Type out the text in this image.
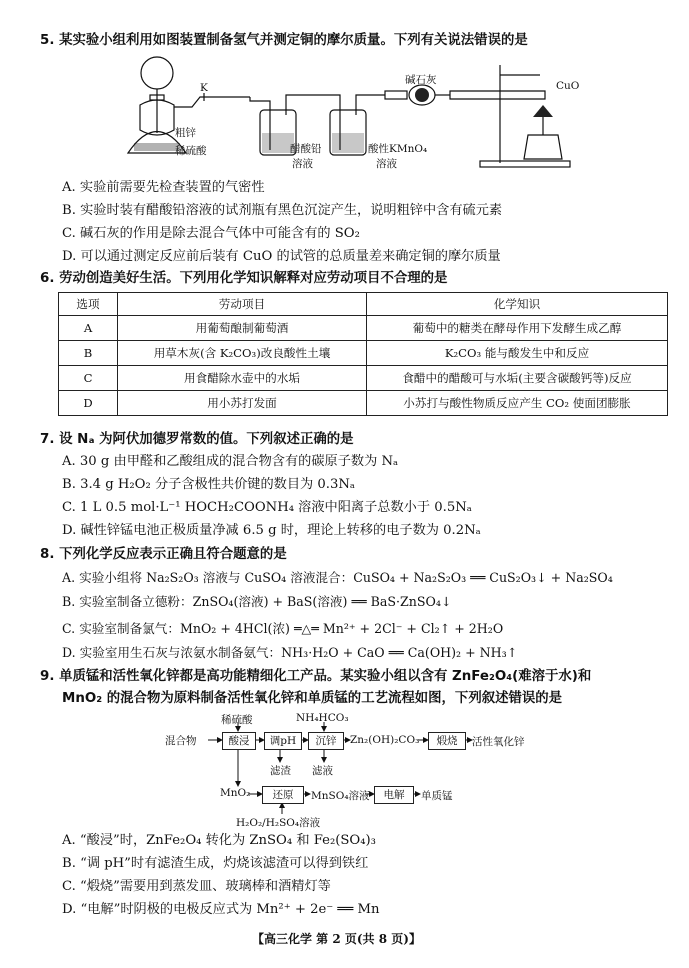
5. 某实验小组利用如图装置制备氢气并测定铜的摩尔质量。下列有关说法错误的是
K
粗锌
稀硫酸	醋酸铅
溶液
酸性KMnO₄
溶液
碱石灰	CuO
A. 实验前需要先检查装置的气密性
B. 实验时装有醋酸铅溶液的试剂瓶有黑色沉淀产生，说明粗锌中含有硫元素
C. 碱石灰的作用是除去混合气体中可能含有的 SO₂
D. 可以通过测定反应前后装有 CuO 的试管的总质量差来确定铜的摩尔质量
6. 劳动创造美好生活。下列用化学知识解释对应劳动项目不合理的是
选项	劳动项目	化学知识
A	用葡萄酿制葡萄酒	葡萄中的糖类在酵母作用下发酵生成乙醇
B	用草木灰(含 K₂CO₃)改良酸性土壤	K₂CO₃ 能与酸发生中和反应
C	用食醋除水壶中的水垢	食醋中的醋酸可与水垢(主要含碳酸钙等)反应
D	用小苏打发面	小苏打与酸性物质反应产生 CO₂ 使面团膨胀
7. 设 Nₐ 为阿伏加德罗常数的值。下列叙述正确的是
A. 30 g 由甲醛和乙酸组成的混合物含有的碳原子数为 Nₐ
B. 3.4 g H₂O₂ 分子含极性共价键的数目为 0.3Nₐ
C. 1 L 0.5 mol·L⁻¹ HOCH₂COONH₄ 溶液中阳离子总数小于 0.5Nₐ
D. 碱性锌锰电池正极质量净减 6.5 g 时，理论上转移的电子数为 0.2Nₐ
8. 下列化学反应表示正确且符合题意的是
A. 实验小组将 Na₂S₂O₃ 溶液与 CuSO₄ 溶液混合：CuSO₄ + Na₂S₂O₃ ══ CuS₂O₃↓ + Na₂SO₄
B. 实验室制备立德粉：ZnSO₄(溶液) + BaS(溶液) ══ BaS·ZnSO₄↓
C. 实验室制备氯气：MnO₂ + 4HCl(浓) ═△═ Mn²⁺ + 2Cl⁻ + Cl₂↑ + 2H₂O
D. 实验室用生石灰与浓氨水制备氨气：NH₃·H₂O + CaO ══ Ca(OH)₂ + NH₃↑
9. 单质锰和活性氧化锌都是高功能精细化工产品。某实验小组以含有 ZnFe₂O₄(难溶于水)和
MnO₂ 的混合物为原料制备活性氧化锌和单质锰的工艺流程如图，下列叙述错误的是
混合物
稀硫酸
酸浸	调pH
NH₄HCO₃
沉锌	Zn₂(OH)₂CO₃	煅烧	活性氧化锌
滤渣 滤液
MnO₂	还原	MnSO₄溶液	电解	单质锰
H₂O₂/H₂SO₄溶液
A. “酸浸”时，ZnFe₂O₄ 转化为 ZnSO₄ 和 Fe₂(SO₄)₃
B. “调 pH”时有滤渣生成，灼烧该滤渣可以得到铁红
C. “煅烧”需要用到蒸发皿、玻璃棒和酒精灯等
D. “电解”时阴极的电极反应式为 Mn²⁺ + 2e⁻ ══ Mn
【高三化学 第 2 页(共 8 页)】
